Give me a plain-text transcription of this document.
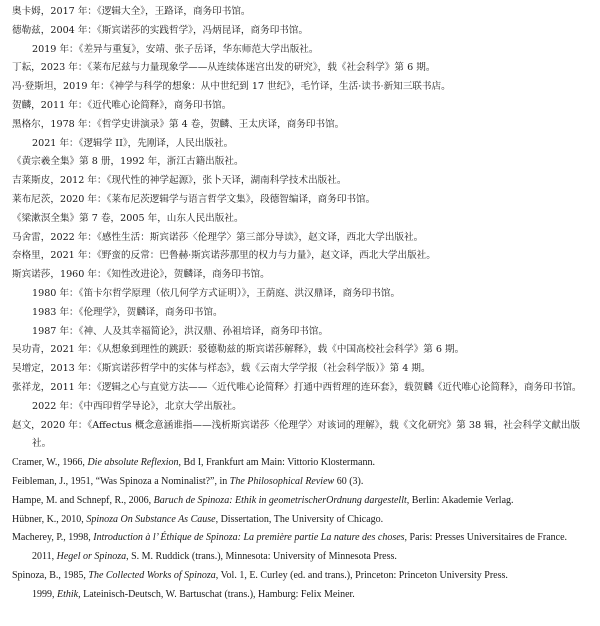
奥卡姆，2017 年：《逻辑大全》，王路译，商务印书馆。
德勒兹，2004 年：《斯宾诺莎的实践哲学》，冯炳昆译，商务印书馆。
2019 年：《差异与重复》，安靖、张子岳译，华东师范大学出版社。
丁耘，2023 年：《莱布尼兹与力量现象学——从连续体迷宫出发的研究》，载《社会科学》第 6 期。
冯·登斯坦，2019 年：《神学与科学的想象：从中世纪到 17 世纪》，毛竹译，生活·读书·新知三联书店。
贺麟，2011 年：《近代唯心论简释》，商务印书馆。
黑格尔，1978 年：《哲学史讲演录》第 4 卷，贺麟、王太庆译，商务印书馆。
2021 年：《逻辑学 II》，先刚译，人民出版社。
《黄宗羲全集》第 8 册，1992 年，浙江古籍出版社。
吉莱斯皮，2012 年：《现代性的神学起源》，张卜天译，湖南科学技术出版社。
莱布尼茨，2020 年：《莱布尼茨逻辑学与语言哲学文集》，段德智编译，商务印书馆。
《梁漱溟全集》第 7 卷，2005 年，山东人民出版社。
马舍雷，2022 年：《感性生活：斯宾诺莎〈伦理学〉第三部分导读》，赵文译，西北大学出版社。
奈格里，2021 年：《野蛮的反常：巴鲁赫·斯宾诺莎那里的权力与力量》，赵文译，西北大学出版社。
斯宾诺莎，1960 年：《知性改进论》，贺麟译，商务印书馆。
1980 年：《笛卡尔哲学原理（依几何学方式证明）》，王荫庭、洪汉鼎译，商务印书馆。
1983 年：《伦理学》，贺麟译，商务印书馆。
1987 年：《神、人及其幸福简论》，洪汉鼎、孙祖培译，商务印书馆。
吴功青，2021 年：《从想象到理性的跳跃：驳德勒兹的斯宾诺莎解释》，载《中国高校社会科学》第 6 期。
吴增定，2013 年：《斯宾诺莎哲学中的实体与样态》，载《云南大学学报（社会科学版）》第 4 期。
张祥龙，2011 年：《逻辑之心与直觉方法——〈近代唯心论简释〉打通中西哲理的连环套》，载贺麟《近代唯心论简释》，商务印书馆。
2022 年：《中西印哲学导论》，北京大学出版社。
赵文，2020 年：《Affectus 概念意涵谁指——浅析斯宾诺莎〈伦理学〉对该词的理解》，载《文化研究》第 38 辑，社会科学文献出版社。
Cramer, W., 1966, Die absolute Reflexion, Bd I, Frankfurt am Main: Vittorio Klostermann.
Feibleman, J., 1951, “Was Spinoza a Nominalist?”, in The Philosophical Review 60 (3).
Hampe, M. and Schnepf, R., 2006, Baruch de Spinoza: Ethik in geometrischerOrdnung dargestellt, Berlin: Akademie Verlag.
Hübner, K., 2010, Spinoza On Substance As Cause, Dissertation, The University of Chicago.
Macherey, P., 1998, Introduction à l’ Éthique de Spinoza: La première partie La nature des choses, Paris: Presses Universitaires de France.
2011, Hegel or Spinoza, S. M. Ruddick (trans.), Minnesota: University of Minnesota Press.
Spinoza, B., 1985, The Collected Works of Spinoza, Vol. 1, E. Curley (ed. and trans.), Princeton: Princeton University Press.
1999, Ethik, Lateinisch-Deutsch, W. Bartuschat (trans.), Hamburg: Felix Meiner.
